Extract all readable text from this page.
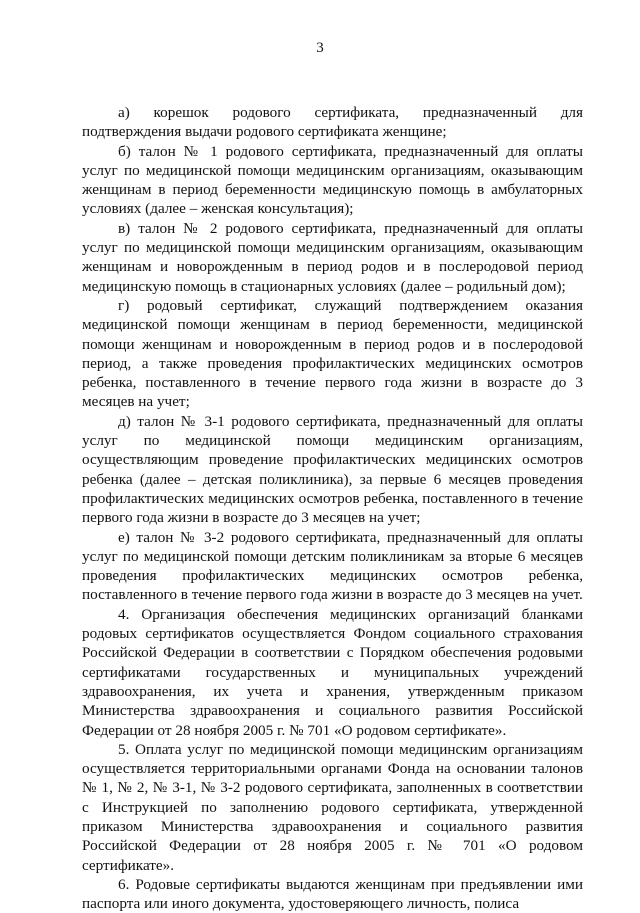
3

а) корешок родового сертификата, предназначенный для подтверждения выдачи родового сертификата женщине;

б) талон № 1 родового сертификата, предназначенный для оплаты услуг по медицинской помощи медицинским организациям, оказывающим женщинам в период беременности медицинскую помощь в амбулаторных условиях (далее – женская консультация);

в) талон № 2 родового сертификата, предназначенный для оплаты услуг по медицинской помощи медицинским организациям, оказывающим женщинам и новорожденным в период родов и в послеродовой период медицинскую помощь в стационарных условиях (далее – родильный дом);

г) родовый сертификат, служащий подтверждением оказания медицинской помощи женщинам в период беременности, медицинской помощи женщинам и новорожденным в период родов и в послеродовой период, а также проведения профилактических медицинских осмотров ребенка, поставленного в течение первого года жизни в возрасте до 3 месяцев на учет;

д) талон № 3-1 родового сертификата, предназначенный для оплаты услуг по медицинской помощи медицинским организациям, осуществляющим проведение профилактических медицинских осмотров ребенка (далее – детская поликлиника), за первые 6 месяцев проведения профилактических медицинских осмотров ребенка, поставленного в течение первого года жизни в возрасте до 3 месяцев на учет;

е) талон № 3-2 родового сертификата, предназначенный для оплаты услуг по медицинской помощи детским поликлиникам за вторые 6 месяцев проведения профилактических медицинских осмотров ребенка, поставленного в течение первого года жизни в возрасте до 3 месяцев на учет.

4. Организация обеспечения медицинских организаций бланками родовых сертификатов осуществляется Фондом социального страхования Российской Федерации в соответствии с Порядком обеспечения родовыми сертификатами государственных и муниципальных учреждений здравоохранения, их учета и хранения, утвержденным приказом Министерства здравоохранения и социального развития Российской Федерации от 28 ноября 2005 г. № 701 «О родовом сертификате».

5. Оплата услуг по медицинской помощи медицинским организациям осуществляется территориальными органами Фонда на основании талонов № 1, № 2, № 3-1, № 3-2 родового сертификата, заполненных в соответствии с Инструкцией по заполнению родового сертификата, утвержденной приказом Министерства здравоохранения и социального развития Российской Федерации от 28 ноября 2005 г. № 701 «О родовом сертификате».

6. Родовые сертификаты выдаются женщинам при предъявлении ими паспорта или иного документа, удостоверяющего личность, полиса
